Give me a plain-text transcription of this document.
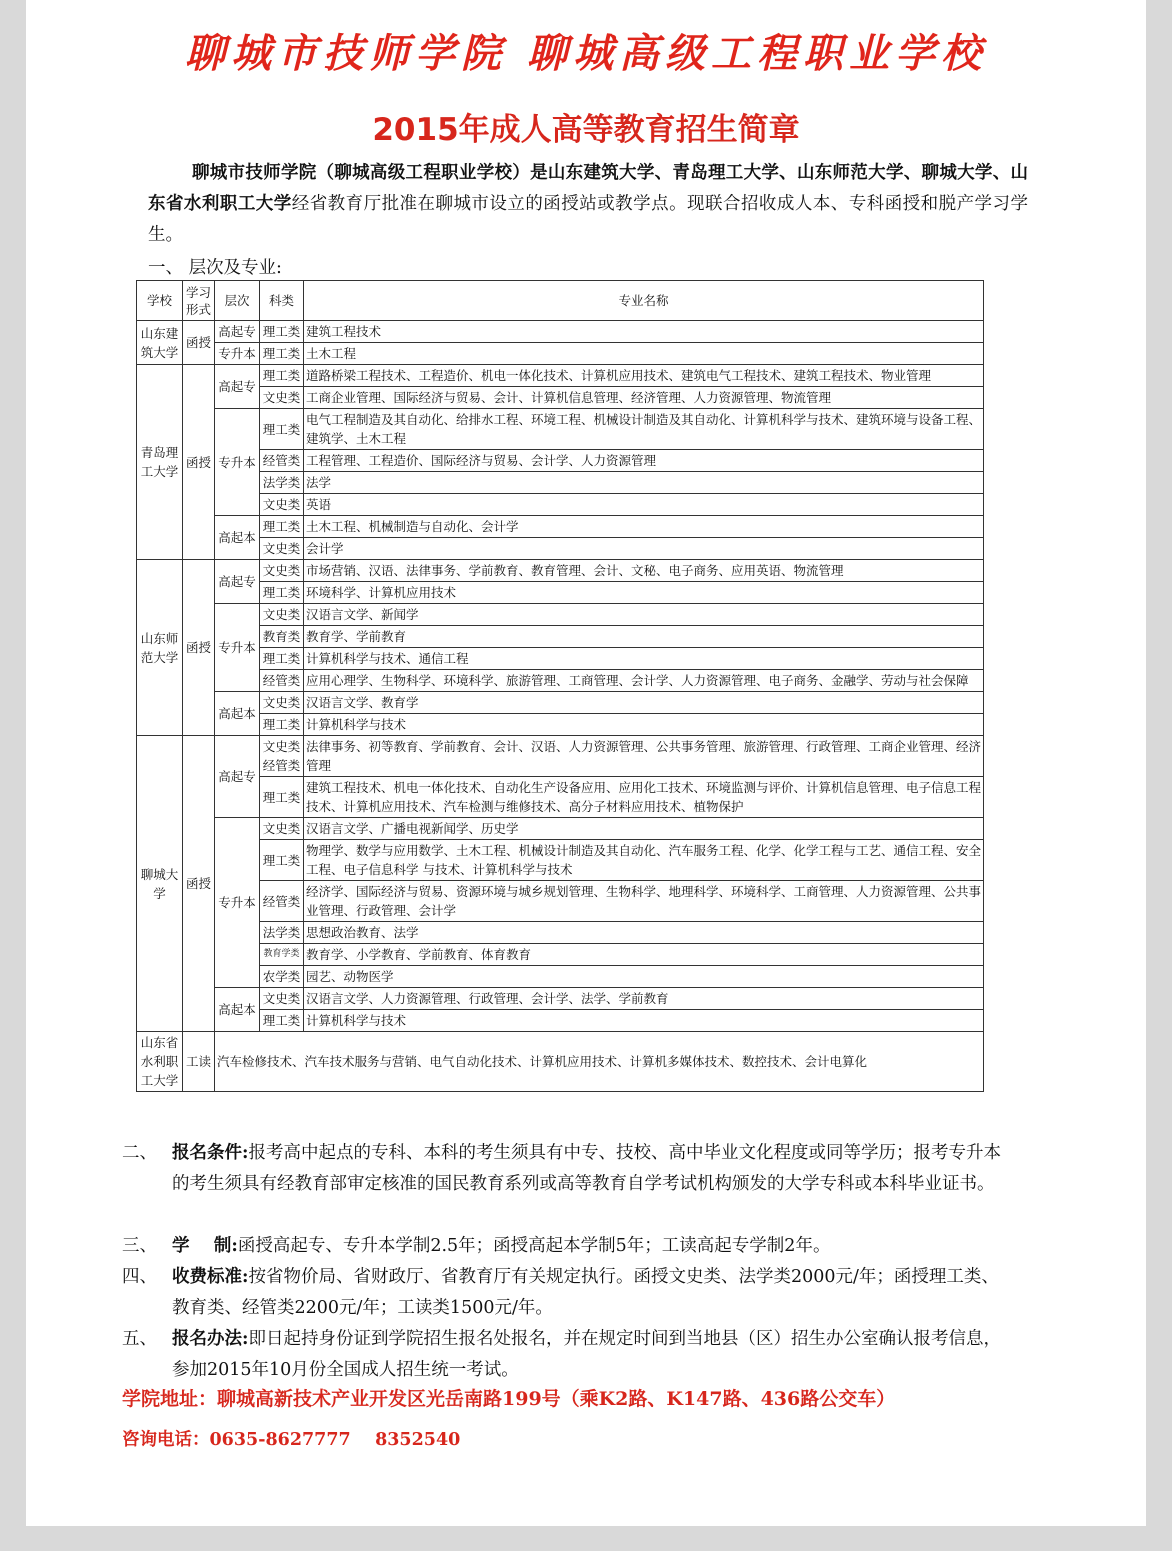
聊城市技师学院 聊城高级工程职业学校
2015年成人高等教育招生简章
聊城市技师学院（聊城高级工程职业学校）是山东建筑大学、青岛理工大学、山东师范大学、聊城大学、山东省水利职工大学经省教育厅批准在聊城市设立的函授站或教学点。现联合招收成人本、专科函授和脱产学习学生。
一、 层次及专业:
学校	学习形式	层次	科类	专业名称
山东建筑大学	函授	高起专	理工类	建筑工程技术
		专升本	理工类	土木工程
青岛理工大学	函授	高起专	理工类	道路桥梁工程技术、工程造价、机电一体化技术、计算机应用技术、建筑电气工程技术、建筑工程技术、物业管理
			文史类	工商企业管理、国际经济与贸易、会计、计算机信息管理、经济管理、人力资源管理、物流管理
		专升本	理工类	电气工程制造及其自动化、给排水工程、环境工程、机械设计制造及其自动化、计算机科学与技术、建筑环境与设备工程、建筑学、土木工程
			经管类	工程管理、工程造价、国际经济与贸易、会计学、人力资源管理
			法学类	法学
			文史类	英语
		高起本	理工类	土木工程、机械制造与自动化、会计学
			文史类	会计学
山东师范大学	函授	高起专	文史类	市场营销、汉语、法律事务、学前教育、教育管理、会计、文秘、电子商务、应用英语、物流管理
			理工类	环境科学、计算机应用技术
		专升本	文史类	汉语言文学、新闻学
			教育类	教育学、学前教育
			理工类	计算机科学与技术、通信工程
			经管类	应用心理学、生物科学、环境科学、旅游管理、工商管理、会计学、人力资源管理、电子商务、金融学、劳动与社会保障
		高起本	文史类	汉语言文学、教育学
			理工类	计算机科学与技术
聊城大学	函授	高起专	文史类经管类	法律事务、初等教育、学前教育、会计、汉语、人力资源管理、公共事务管理、旅游管理、行政管理、工商企业管理、经济管理
			理工类	建筑工程技术、机电一体化技术、自动化生产设备应用、应用化工技术、环境监测与评价、计算机信息管理、电子信息工程技术、计算机应用技术、汽车检测与维修技术、高分子材料应用技术、植物保护
		专升本	文史类	汉语言文学、广播电视新闻学、历史学
			理工类	物理学、数学与应用数学、土木工程、机械设计制造及其自动化、汽车服务工程、化学、化学工程与工艺、通信工程、安全工程、电子信息科学 与技术、计算机科学与技术
			经管类	经济学、国际经济与贸易、资源环境与城乡规划管理、生物科学、地理科学、环境科学、工商管理、人力资源管理、公共事业管理、行政管理、会计学
			法学类	思想政治教育、法学
			教育学类	教育学、小学教育、学前教育、体育教育
			农学类	园艺、动物医学
		高起本	文史类	汉语言文学、人力资源管理、行政管理、会计学、法学、学前教育
			理工类	计算机科学与技术
山东省水利职工大学	工读	汽车检修技术、汽车技术服务与营销、电气自动化技术、计算机应用技术、计算机多媒体技术、数控技术、会计电算化		
二、 报名条件:报考高中起点的专科、本科的考生须具有中专、技校、高中毕业文化程度或同等学历；报考专升本的考生须具有经教育部审定核准的国民教育系列或高等教育自学考试机构颁发的大学专科或本科毕业证书。
三、 学    制:函授高起专、专升本学制2.5年；函授高起本学制5年；工读高起专学制2年。
四、 收费标准:按省物价局、省财政厅、省教育厅有关规定执行。函授文史类、法学类2000元/年；函授理工类、教育类、经管类2200元/年；工读类1500元/年。
五、 报名办法:即日起持身份证到学院招生报名处报名，并在规定时间到当地县（区）招生办公室确认报考信息，参加2015年10月份全国成人招生统一考试。
学院地址：聊城高新技术产业开发区光岳南路199号（乘K2路、K147路、436路公交车）
咨询电话：0635-8627777    8352540
